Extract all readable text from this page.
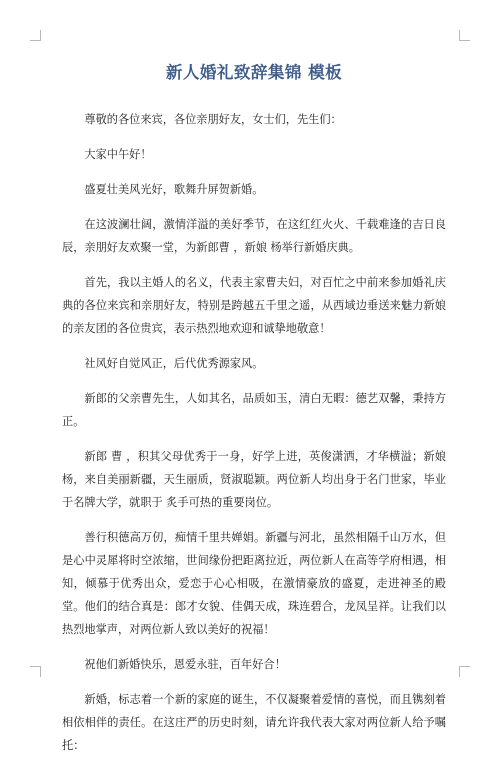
新人婚礼致辞集锦 模板

尊敬的各位来宾，各位亲朋好友，女士们，先生们：

大家中午好！

盛夏壮美风光好，歌舞升屏贺新婚。

在这波澜壮阔，激情洋溢的美好季节，在这红红火火、千载难逢的吉日良辰，亲朋好友欢聚一堂，为新郎曹 ，新娘 杨举行新婚庆典。

首先，我以主婚人的名义，代表主家曹夫妇，对百忙之中前来参加婚礼庆典的各位来宾和亲朋好友，特别是跨越五千里之遥，从西域边垂送来魅力新娘的亲友团的各位贵宾，表示热烈地欢迎和诚挚地敬意！

社风好自觉风正，后代优秀源家风。

新郎的父亲曹先生，人如其名，品质如玉，清白无暇：德艺双馨，秉持方正。

新郎 曹 ，积其父母优秀于一身，好学上进，英俊潇洒，才华横溢；新娘杨，来自美丽新疆，天生丽质，贤淑聪颖。两位新人均出身于名门世家，毕业于名牌大学，就职于 炙手可热的重要岗位。

善行积德高万仞，痴情千里共婵娟。新疆与河北，虽然相隔千山万水，但是心中灵犀将时空浓缩，世间缘份把距离拉近，两位新人在高等学府相遇，相知，倾慕于优秀出众，爱恋于心心相吸，在激情豪放的盛夏，走进神圣的殿堂。他们的结合真是：郎才女貌、佳偶天成，珠连碧合，龙凤呈祥。让我们以热烈地掌声，对两位新人致以美好的祝福！

祝他们新婚快乐，恩爱永驻，百年好合！

新婚，标志着一个新的家庭的诞生，不仅凝聚着爱情的喜悦，而且镌刻着相依相伴的责任。在这庄严的历史时刻，请允许我代表大家对两位新人给予嘱托：
